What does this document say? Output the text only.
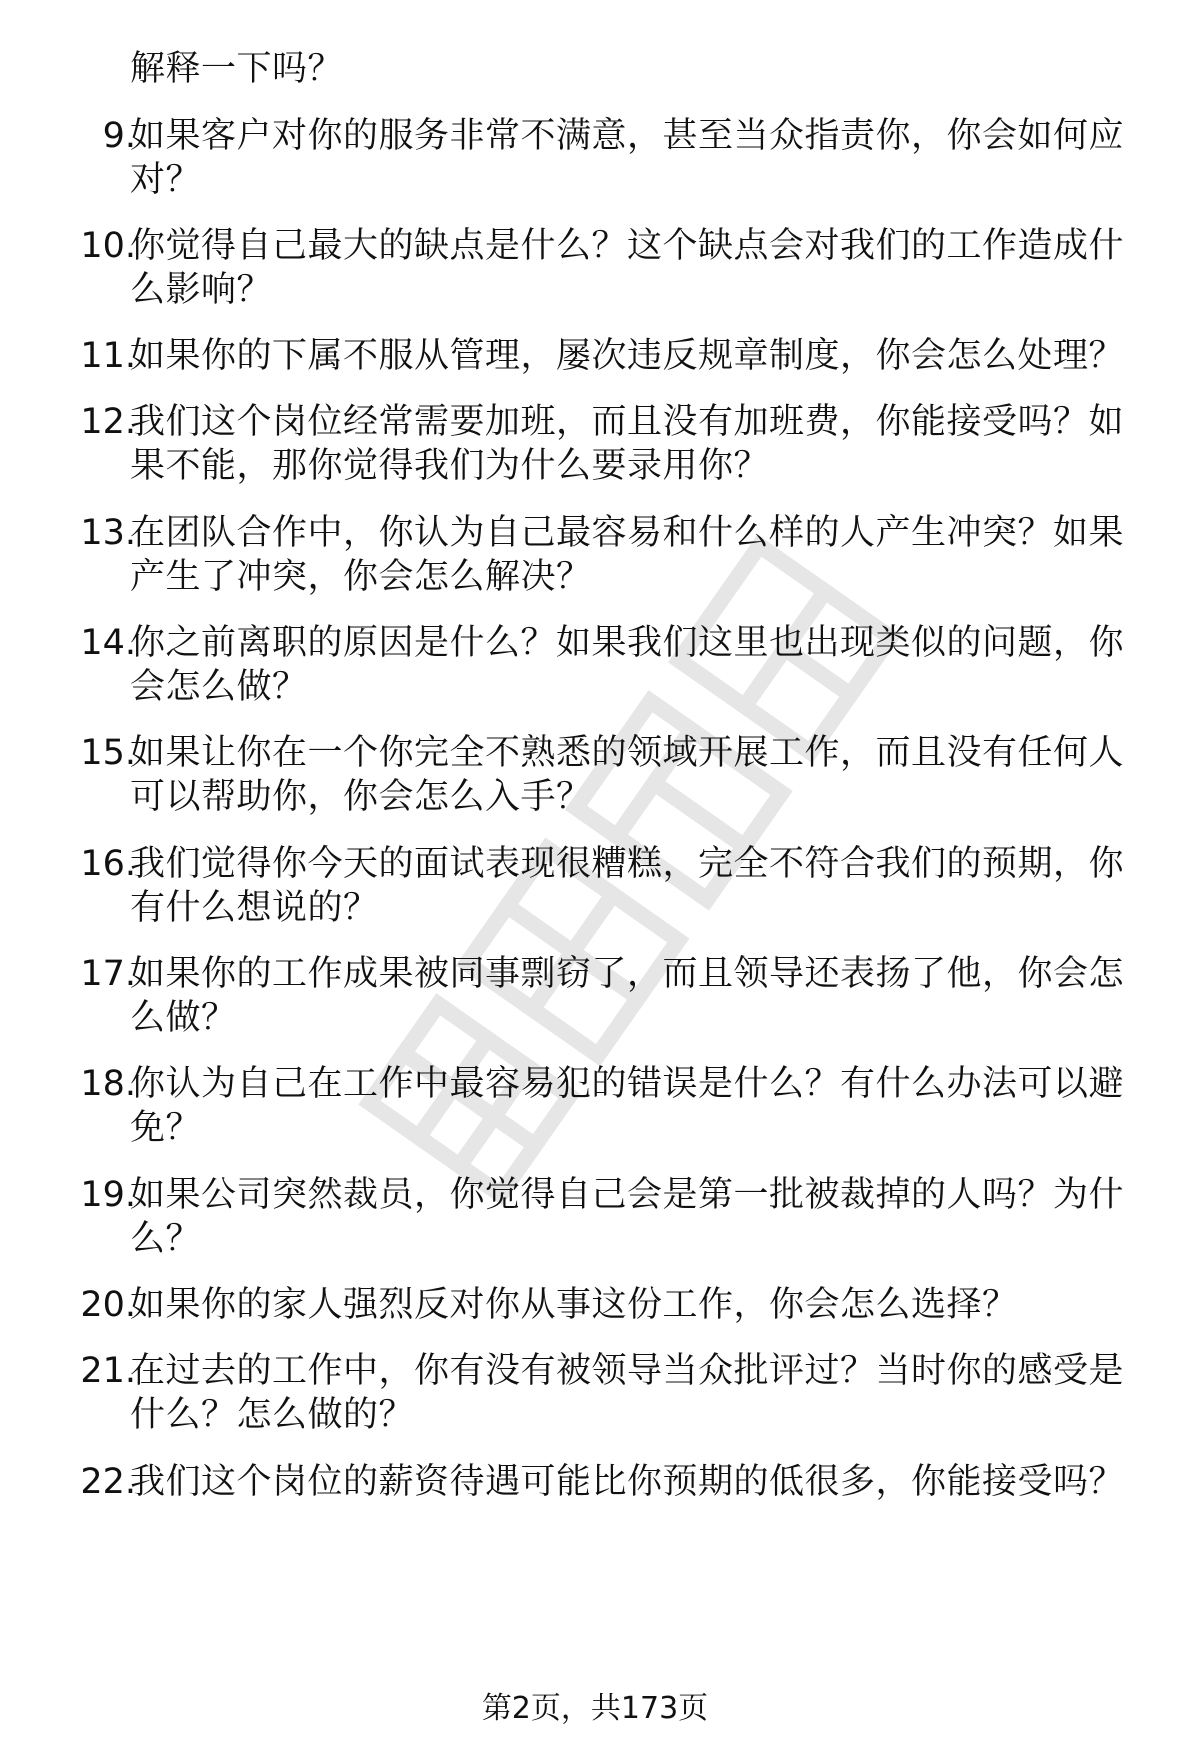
解释一下吗？
9.
如果客户对你的服务非常不满意，甚至当众指责你，你会如何应
对？
10.
你觉得自己最大的缺点是什么？这个缺点会对我们的工作造成什
么影响？
11.
如果你的下属不服从管理，屡次违反规章制度，你会怎么处理？
12.
我们这个岗位经常需要加班，而且没有加班费，你能接受吗？如
果不能，那你觉得我们为什么要录用你？
13.
在团队合作中，你认为自己最容易和什么样的人产生冲突？如果
产生了冲突，你会怎么解决？
14.
你之前离职的原因是什么？如果我们这里也出现类似的问题，你
会怎么做？
15.
如果让你在一个你完全不熟悉的领域开展工作，而且没有任何人
可以帮助你，你会怎么入手？
16.
我们觉得你今天的面试表现很糟糕，完全不符合我们的预期，你
有什么想说的？
17.
如果你的工作成果被同事剽窃了，而且领导还表扬了他，你会怎
么做？
18.
你认为自己在工作中最容易犯的错误是什么？有什么办法可以避
免？
19.
如果公司突然裁员，你觉得自己会是第一批被裁掉的人吗？为什
么？
20.
如果你的家人强烈反对你从事这份工作，你会怎么选择？
21.
在过去的工作中，你有没有被领导当众批评过？当时你的感受是
什么？怎么做的？
22.
我们这个岗位的薪资待遇可能比你预期的低很多，你能接受吗？
第2页，共173页
